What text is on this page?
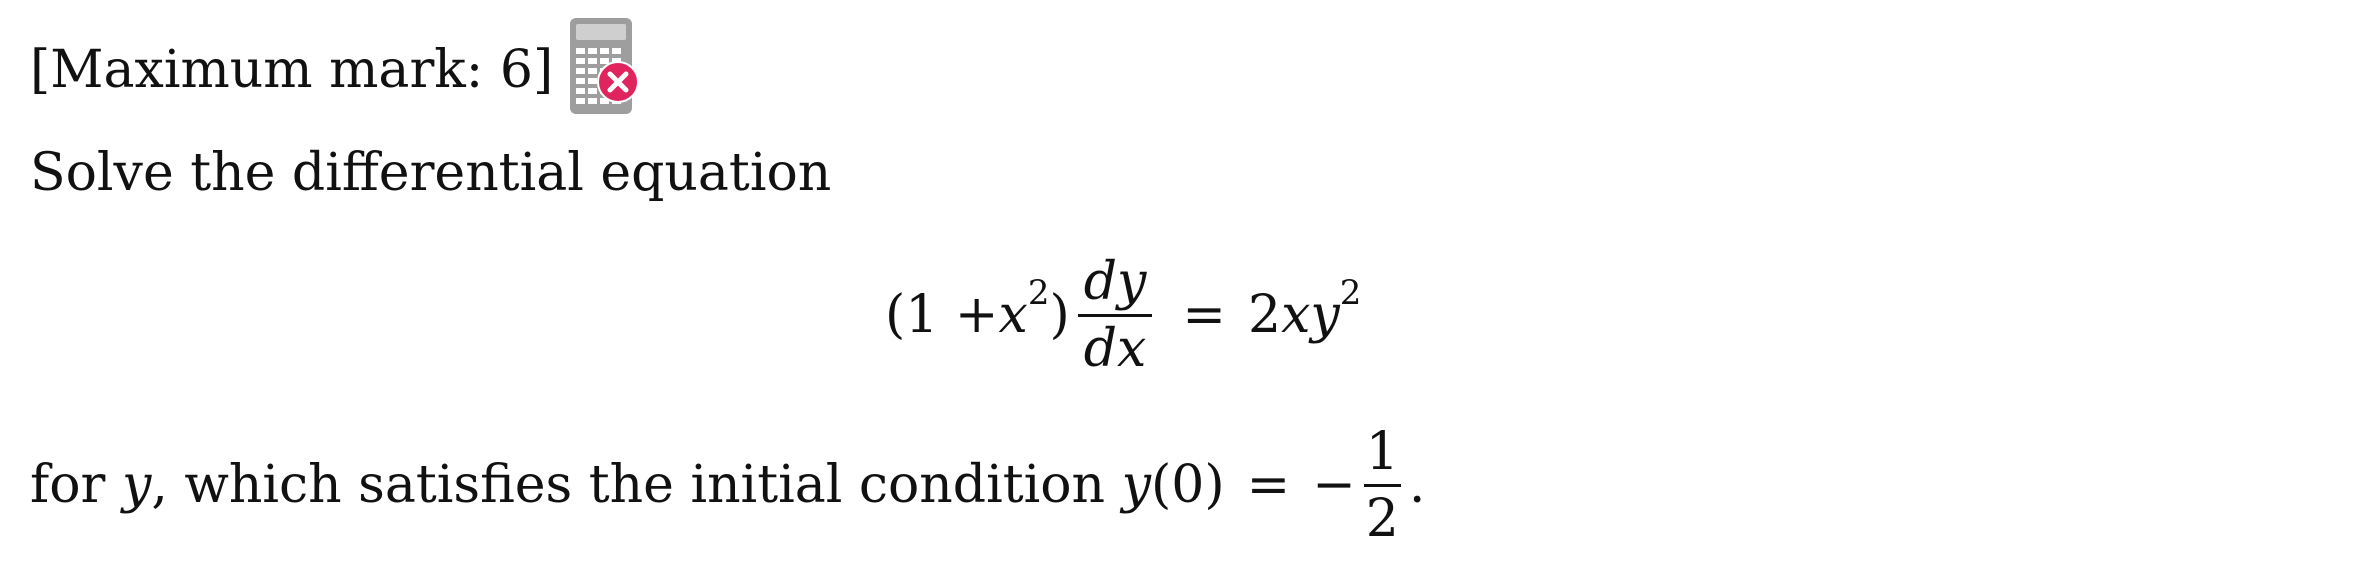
[Maximum mark: 6]
Solve the differential equation
(1 + x 2 ) $\frac{dy}{dx} = 2$ xy 2
for y , which satisfies the initial condition y (0) = − $\frac{1}{2}$ .
